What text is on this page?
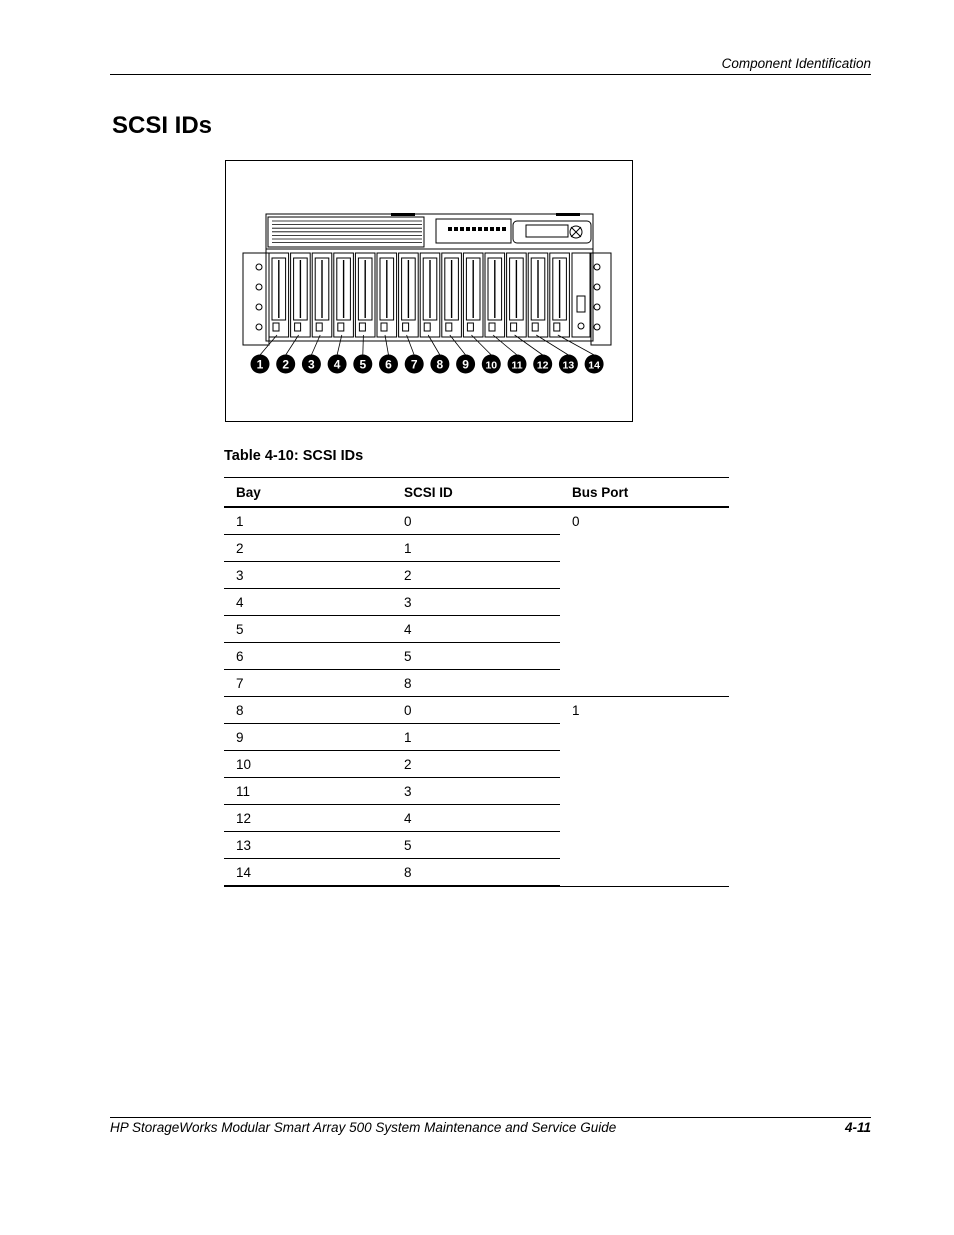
Component Identification
SCSI IDs
1 2 3 4 5 6 7 8 9 10 11 12 13 14
Table 4-10: SCSI IDs
Bay	SCSI ID	Bus Port
1	0	0
2	1	
3	2	
4	3	
5	4	
6	5	
7	8	
8	0	1
9	1	
10	2	
11	3	
12	4	
13	5	
14	8	
HP StorageWorks Modular Smart Array 500 System Maintenance and Service Guide	4-11
